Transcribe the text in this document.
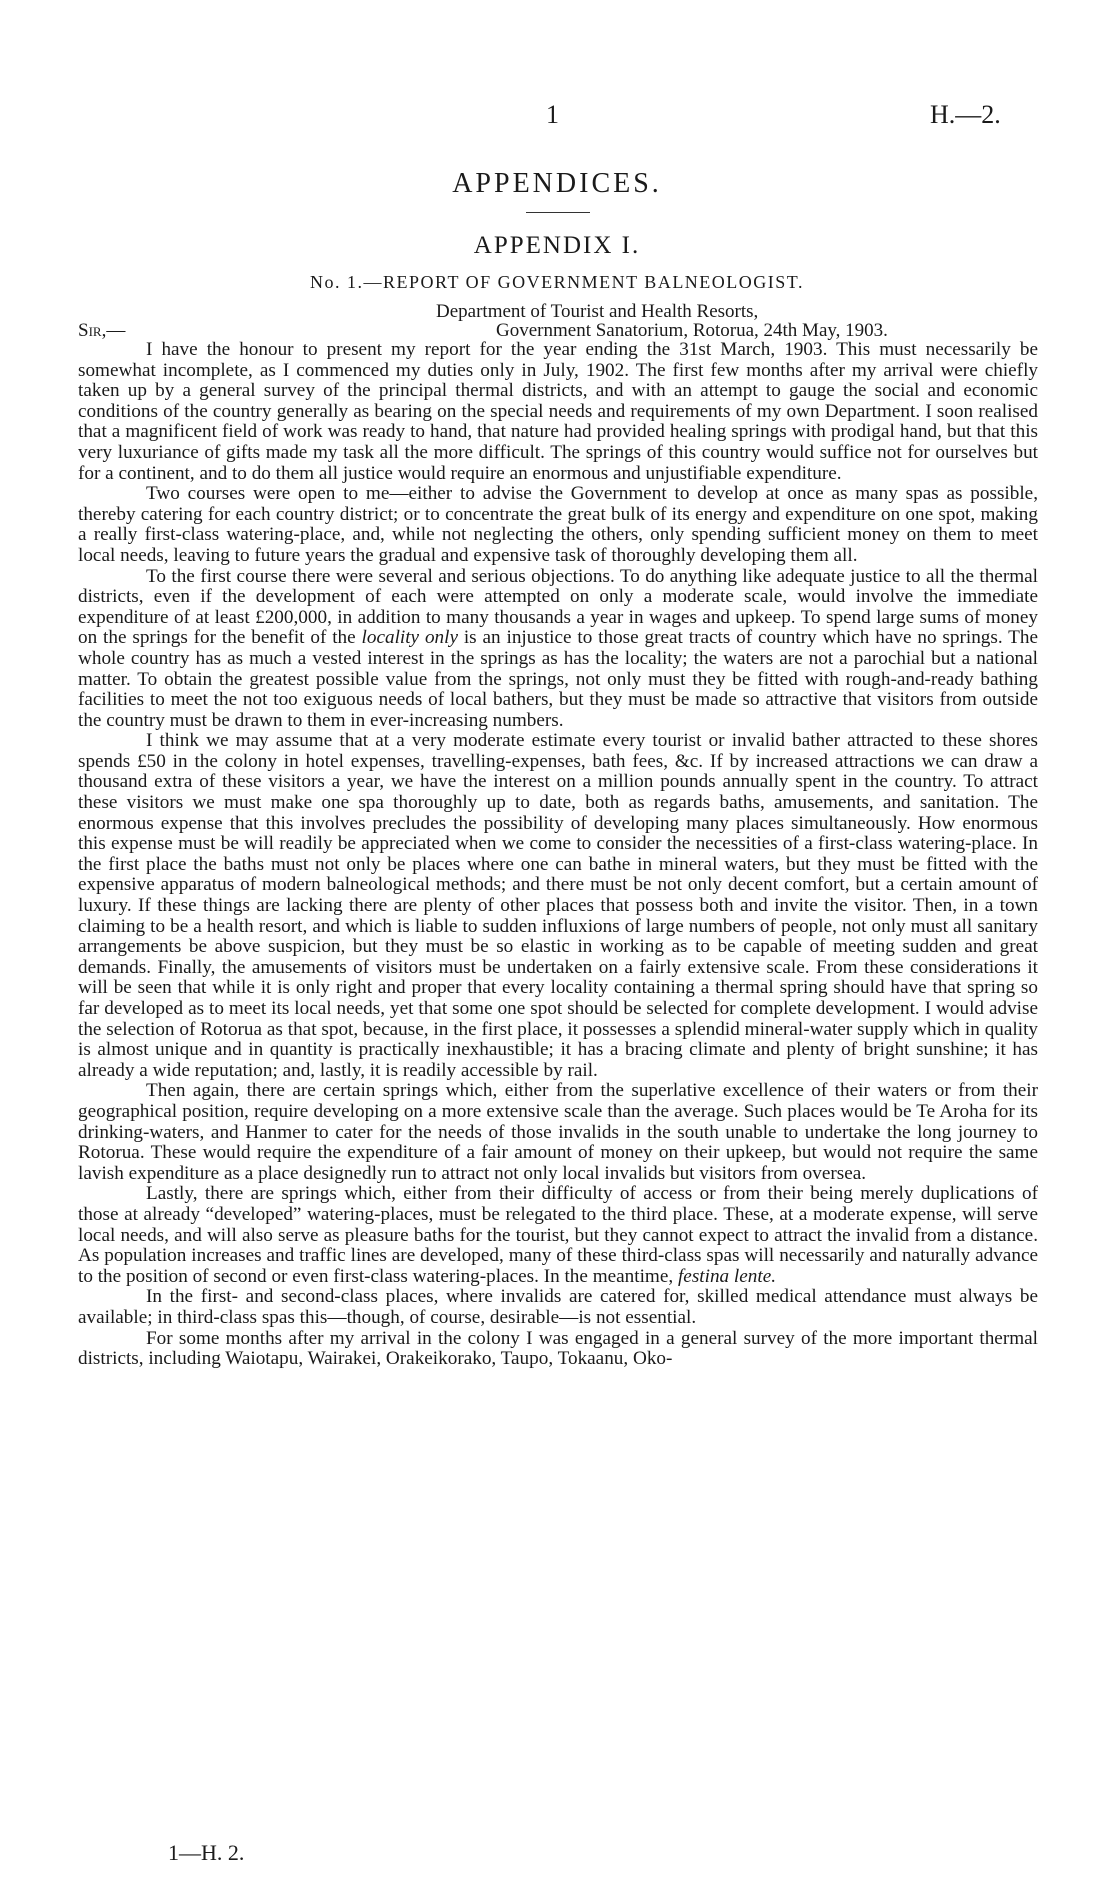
1	H.—2.
APPENDICES.
APPENDIX I.
No. 1.—REPORT OF GOVERNMENT BALNEOLOGIST.
Department of Tourist and Health Resorts,
Sir,—	Government Sanatorium, Rotorua, 24th May, 1903.

I have the honour to present my report for the year ending the 31st March, 1903. This must necessarily be somewhat incomplete, as I commenced my duties only in July, 1902. The first few months after my arrival were chiefly taken up by a general survey of the principal thermal districts, and with an attempt to gauge the social and economic conditions of the country generally as bearing on the special needs and requirements of my own Department. I soon realised that a magnificent field of work was ready to hand, that nature had provided healing springs with prodigal hand, but that this very luxuriance of gifts made my task all the more difficult. The springs of this country would suffice not for ourselves but for a continent, and to do them all justice would require an enormous and unjustifiable expenditure.

Two courses were open to me—either to advise the Government to develop at once as many spas as possible, thereby catering for each country district; or to concentrate the great bulk of its energy and expenditure on one spot, making a really first-class watering-place, and, while not neglecting the others, only spending sufficient money on them to meet local needs, leaving to future years the gradual and expensive task of thoroughly developing them all.

To the first course there were several and serious objections. To do anything like adequate justice to all the thermal districts, even if the development of each were attempted on only a moderate scale, would involve the immediate expenditure of at least £200,000, in addition to many thousands a year in wages and upkeep. To spend large sums of money on the springs for the benefit of the locality only is an injustice to those great tracts of country which have no springs. The whole country has as much a vested interest in the springs as has the locality; the waters are not a parochial but a national matter. To obtain the greatest possible value from the springs, not only must they be fitted with rough-and-ready bathing facilities to meet the not too exiguous needs of local bathers, but they must be made so attractive that visitors from outside the country must be drawn to them in ever-increasing numbers.

I think we may assume that at a very moderate estimate every tourist or invalid bather attracted to these shores spends £50 in the colony in hotel expenses, travelling-expenses, bath fees, &c. If by increased attractions we can draw a thousand extra of these visitors a year, we have the interest on a million pounds annually spent in the country. To attract these visitors we must make one spa thoroughly up to date, both as regards baths, amusements, and sanitation. The enormous expense that this involves precludes the possibility of developing many places simultaneously. How enormous this expense must be will readily be appreciated when we come to consider the necessities of a first-class watering-place. In the first place the baths must not only be places where one can bathe in mineral waters, but they must be fitted with the expensive apparatus of modern balneological methods; and there must be not only decent comfort, but a certain amount of luxury. If these things are lacking there are plenty of other places that possess both and invite the visitor. Then, in a town claiming to be a health resort, and which is liable to sudden influxions of large numbers of people, not only must all sanitary arrangements be above suspicion, but they must be so elastic in working as to be capable of meeting sudden and great demands. Finally, the amusements of visitors must be undertaken on a fairly extensive scale. From these considerations it will be seen that while it is only right and proper that every locality containing a thermal spring should have that spring so far developed as to meet its local needs, yet that some one spot should be selected for complete development. I would advise the selection of Rotorua as that spot, because, in the first place, it possesses a splendid mineral-water supply which in quality is almost unique and in quantity is practically inexhaustible; it has a bracing climate and plenty of bright sunshine; it has already a wide reputation; and, lastly, it is readily accessible by rail.

Then again, there are certain springs which, either from the superlative excellence of their waters or from their geographical position, require developing on a more extensive scale than the average. Such places would be Te Aroha for its drinking-waters, and Hanmer to cater for the needs of those invalids in the south unable to undertake the long journey to Rotorua. These would require the expenditure of a fair amount of money on their upkeep, but would not require the same lavish expenditure as a place designedly run to attract not only local invalids but visitors from oversea.

Lastly, there are springs which, either from their difficulty of access or from their being merely duplications of those at already “developed” watering-places, must be relegated to the third place. These, at a moderate expense, will serve local needs, and will also serve as pleasure baths for the tourist, but they cannot expect to attract the invalid from a distance. As population increases and traffic lines are developed, many of these third-class spas will necessarily and naturally advance to the position of second or even first-class watering-places. In the meantime, festina lente.

In the first- and second-class places, where invalids are catered for, skilled medical attendance must always be available; in third-class spas this—though, of course, desirable—is not essential.

For some months after my arrival in the colony I was engaged in a general survey of the more important thermal districts, including Waiotapu, Wairakei, Orakeikorako, Taupo, Tokaanu, Oko-

1—H. 2.
